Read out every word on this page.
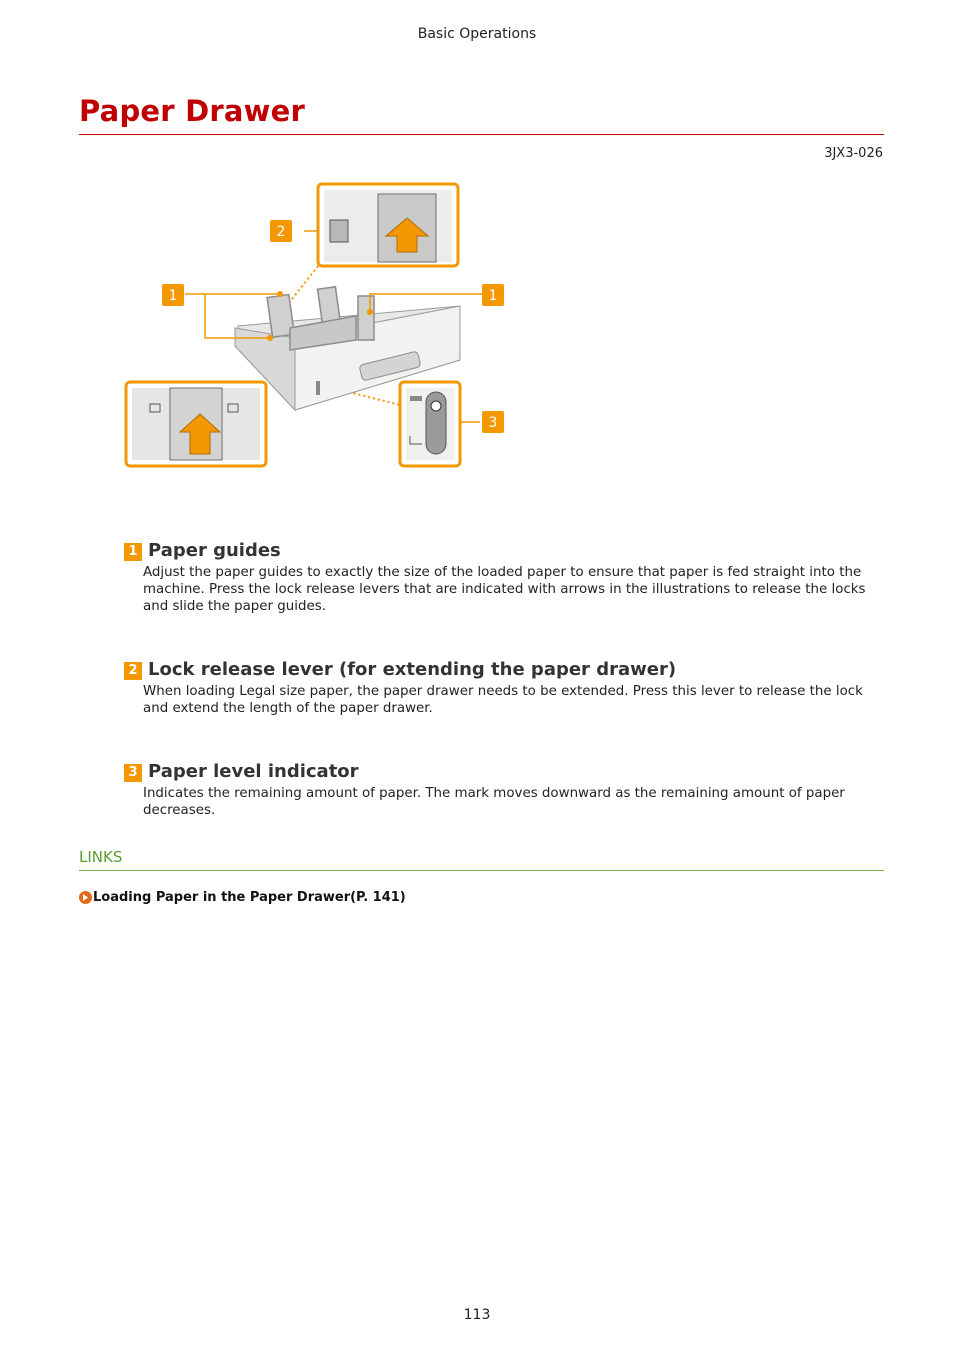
Basic Operations
Paper Drawer
3JX3-026
1
2
1
3
1 Paper guides

Adjust the paper guides to exactly the size of the loaded paper to ensure that paper is fed straight into the machine. Press the lock release levers that are indicated with arrows in the illustrations to release the locks and slide the paper guides.

2 Lock release lever (for extending the paper drawer)

When loading Legal size paper, the paper drawer needs to be extended. Press this lever to release the lock and extend the length of the paper drawer.

3 Paper level indicator

Indicates the remaining amount of paper. The mark moves downward as the remaining amount of paper decreases.

LINKS
Loading Paper in the Paper Drawer(P. 141)
113
